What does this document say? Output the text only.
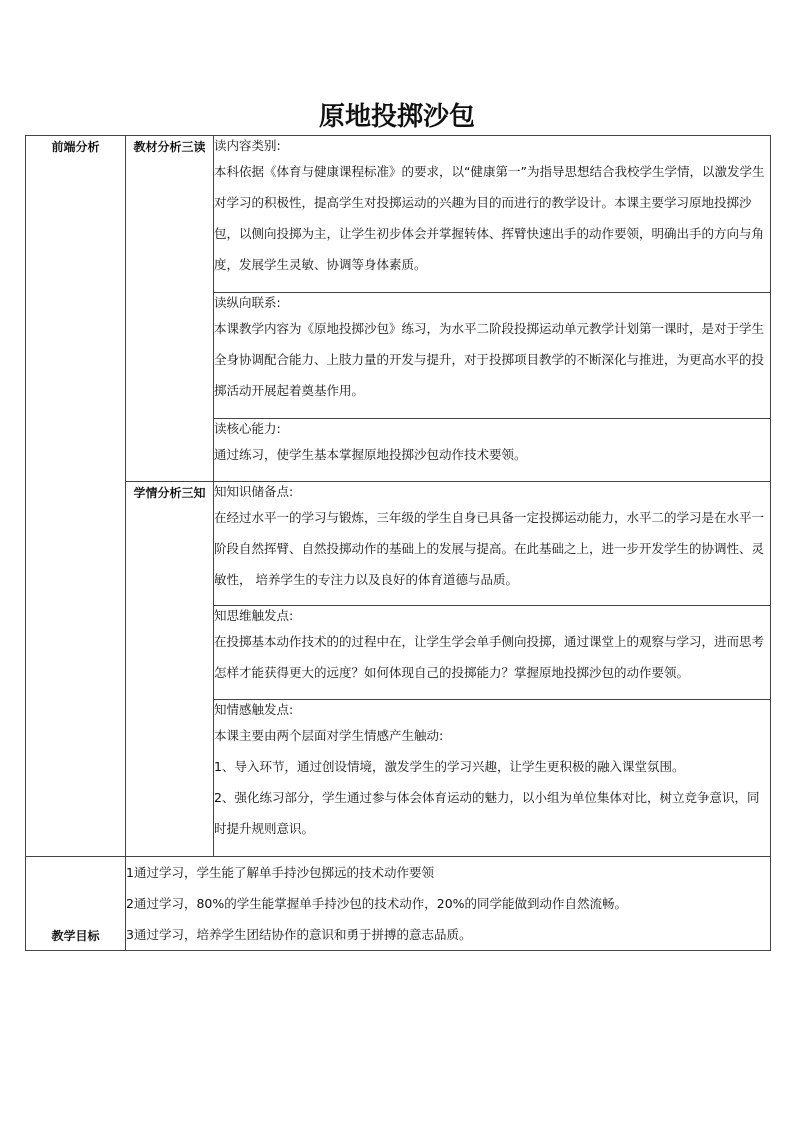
原地投掷沙包
前端分析	教材分析三读	读内容类别:

本科依据《体育与健康课程标准》的要求，以“健康第一”为指导思想结合我校学生学情，以激发学生对学习的积极性，提高学生对投掷运动的兴趣为目的而进行的教学设计。本课主要学习原地投掷沙包，以侧向投掷为主，让学生初步体会并掌握转体、挥臂快速出手的动作要领，明确出手的方向与角度，发展学生灵敏、协调等身体素质。

		读纵向联系:

本课教学内容为《原地投掷沙包》练习，为水平二阶段投掷运动单元教学计划第一课时，是对于学生全身协调配合能力、上肢力量的开发与提升，对于投掷项目教学的不断深化与推进，为更高水平的投掷活动开展起着奠基作用。

		读核心能力:

通过练习，使学生基本掌握原地投掷沙包动作技术要领。

	学情分析三知	知知识储备点:

在经过水平一的学习与锻炼，三年级的学生自身已具备一定投掷运动能力，水平二的学习是在水平一阶段自然挥臂、自然投掷动作的基础上的发展与提高。在此基础之上，进一步开发学生的协调性、灵敏性， 培养学生的专注力以及良好的体育道德与品质。

		知思维触发点:

在投掷基本动作技术的的过程中在，让学生学会单手侧向投掷，通过课堂上的观察与学习，进而思考怎样才能获得更大的远度？如何体现自己的投掷能力？掌握原地投掷沙包的动作要领。

		知情感触发点:

本课主要由两个层面对学生情感产生触动:

1、导入环节，通过创设情境，激发学生的学习兴趣，让学生更积极的融入课堂氛围。

2、强化练习部分，学生通过参与体会体育运动的魅力，以小组为单位集体对比，树立竞争意识，同时提升规则意识。

教学目标	1通过学习，学生能了解单手持沙包掷远的技术动作要领

2通过学习，80%的学生能掌握单手持沙包的技术动作，20%的同学能做到动作自然流畅。

3通过学习，培养学生团结协作的意识和勇于拼搏的意志品质。	
